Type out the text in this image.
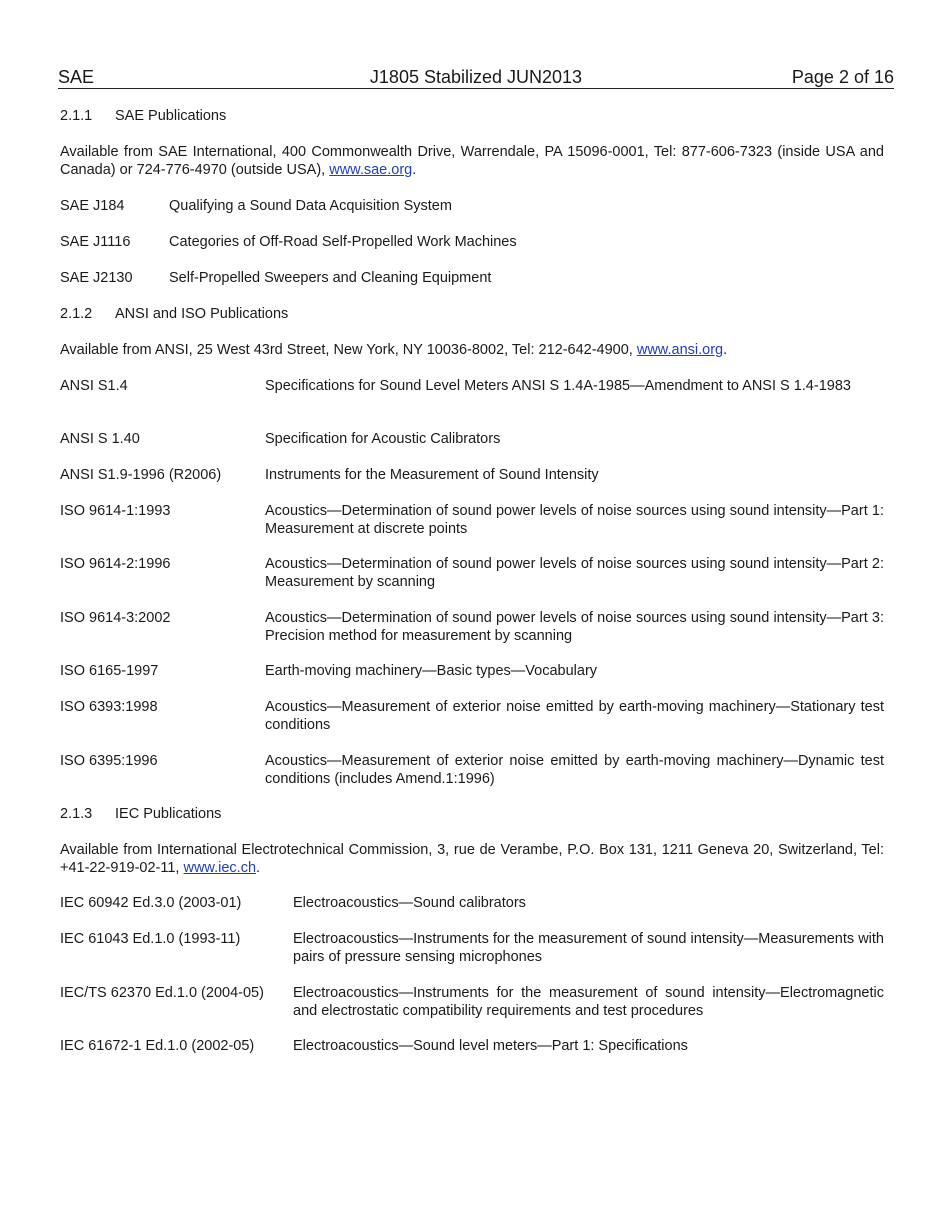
SAE	J1805 Stabilized JUN2013	Page 2 of 16
2.1.1 SAE Publications
Available from SAE International, 400 Commonwealth Drive, Warrendale, PA 15096-0001, Tel: 877-606-7323 (inside USA and Canada) or 724-776-4970 (outside USA), www.sae.org.
SAE J184	Qualifying a Sound Data Acquisition System
SAE J1116	Categories of Off-Road Self-Propelled Work Machines
SAE J2130	Self-Propelled Sweepers and Cleaning Equipment
2.1.2 ANSI and ISO Publications
Available from ANSI, 25 West 43rd Street, New York, NY 10036-8002, Tel: 212-642-4900, www.ansi.org.
ANSI S1.4	Specifications for Sound Level Meters ANSI S 1.4A-1985—Amendment to ANSI S 1.4-1983
ANSI S 1.40	Specification for Acoustic Calibrators
ANSI S1.9-1996 (R2006)	Instruments for the Measurement of Sound Intensity
ISO 9614-1:1993	Acoustics—Determination of sound power levels of noise sources using sound intensity—Part 1: Measurement at discrete points
ISO 9614-2:1996	Acoustics—Determination of sound power levels of noise sources using sound intensity—Part 2: Measurement by scanning
ISO 9614-3:2002	Acoustics—Determination of sound power levels of noise sources using sound intensity—Part 3: Precision method for measurement by scanning
ISO 6165-1997	Earth-moving machinery—Basic types—Vocabulary
ISO 6393:1998	Acoustics—Measurement of exterior noise emitted by earth-moving machinery—Stationary test conditions
ISO 6395:1996	Acoustics—Measurement of exterior noise emitted by earth-moving machinery—Dynamic test conditions (includes Amend.1:1996)
2.1.3 IEC Publications
Available from International Electrotechnical Commission, 3, rue de Verambe, P.O. Box 131, 1211 Geneva 20, Switzerland, Tel: +41-22-919-02-11, www.iec.ch.
IEC 60942 Ed.3.0 (2003-01)	Electroacoustics—Sound calibrators
IEC 61043 Ed.1.0 (1993-11)	Electroacoustics—Instruments for the measurement of sound intensity—Measurements with pairs of pressure sensing microphones
IEC/TS 62370 Ed.1.0 (2004-05) Electroacoustics—Instruments for the measurement of sound intensity—Electromagnetic and electrostatic compatibility requirements and test procedures
IEC 61672-1 Ed.1.0 (2002-05)	Electroacoustics—Sound level meters—Part 1: Specifications
